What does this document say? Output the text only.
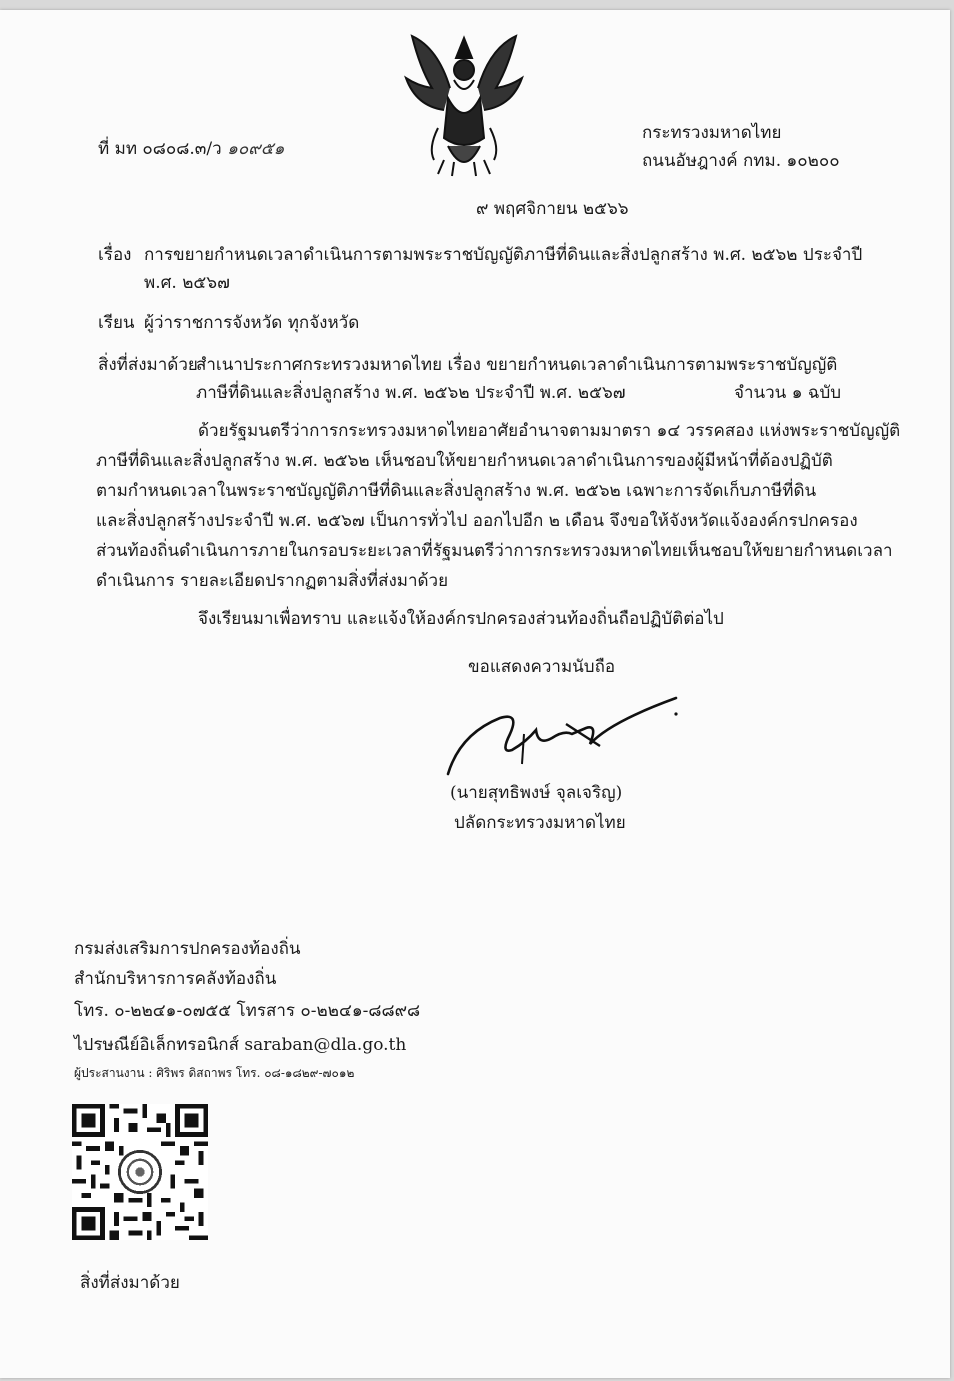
ที่ มท ๐๘๐๘.๓/ว ๑๐๙๕๑
กระทรวงมหาดไทย
ถนนอัษฎางค์ กทม. ๑๐๒๐๐
๙ พฤศจิกายน ๒๕๖๖
เรื่อง การขยายกำหนดเวลาดำเนินการตามพระราชบัญญัติภาษีที่ดินและสิ่งปลูกสร้าง พ.ศ. ๒๕๖๒ ประจำปี
พ.ศ. ๒๕๖๗
เรียน ผู้ว่าราชการจังหวัด ทุกจังหวัด
สิ่งที่ส่งมาด้วย
สำเนาประกาศกระทรวงมหาดไทย เรื่อง ขยายกำหนดเวลาดำเนินการตามพระราชบัญญัติ
ภาษีที่ดินและสิ่งปลูกสร้าง พ.ศ. ๒๕๖๒ ประจำปี พ.ศ. ๒๕๖๗	จำนวน ๑ ฉบับ
ด้วยรัฐมนตรีว่าการกระทรวงมหาดไทยอาศัยอำนาจตามมาตรา ๑๔ วรรคสอง แห่งพระราชบัญญัติ
ภาษีที่ดินและสิ่งปลูกสร้าง พ.ศ. ๒๕๖๒ เห็นชอบให้ขยายกำหนดเวลาดำเนินการของผู้มีหน้าที่ต้องปฏิบัติ
ตามกำหนดเวลาในพระราชบัญญัติภาษีที่ดินและสิ่งปลูกสร้าง พ.ศ. ๒๕๖๒ เฉพาะการจัดเก็บภาษีที่ดิน
และสิ่งปลูกสร้างประจำปี พ.ศ. ๒๕๖๗ เป็นการทั่วไป ออกไปอีก ๒ เดือน จึงขอให้จังหวัดแจ้งองค์กรปกครอง
ส่วนท้องถิ่นดำเนินการภายในกรอบระยะเวลาที่รัฐมนตรีว่าการกระทรวงมหาดไทยเห็นชอบให้ขยายกำหนดเวลา
ดำเนินการ รายละเอียดปรากฏตามสิ่งที่ส่งมาด้วย
จึงเรียนมาเพื่อทราบ และแจ้งให้องค์กรปกครองส่วนท้องถิ่นถือปฏิบัติต่อไป
ขอแสดงความนับถือ
(นายสุทธิพงษ์ จุลเจริญ)
ปลัดกระทรวงมหาดไทย
กรมส่งเสริมการปกครองท้องถิ่น
สำนักบริหารการคลังท้องถิ่น
โทร. ๐-๒๒๔๑-๐๗๕๕ โทรสาร ๐-๒๒๔๑-๘๘๙๘
ไปรษณีย์อิเล็กทรอนิกส์ saraban@dla.go.th
ผู้ประสานงาน : ศิริพร ดิสถาพร โทร. ๐๘-๑๘๒๙-๗๐๑๒
สิ่งที่ส่งมาด้วย
